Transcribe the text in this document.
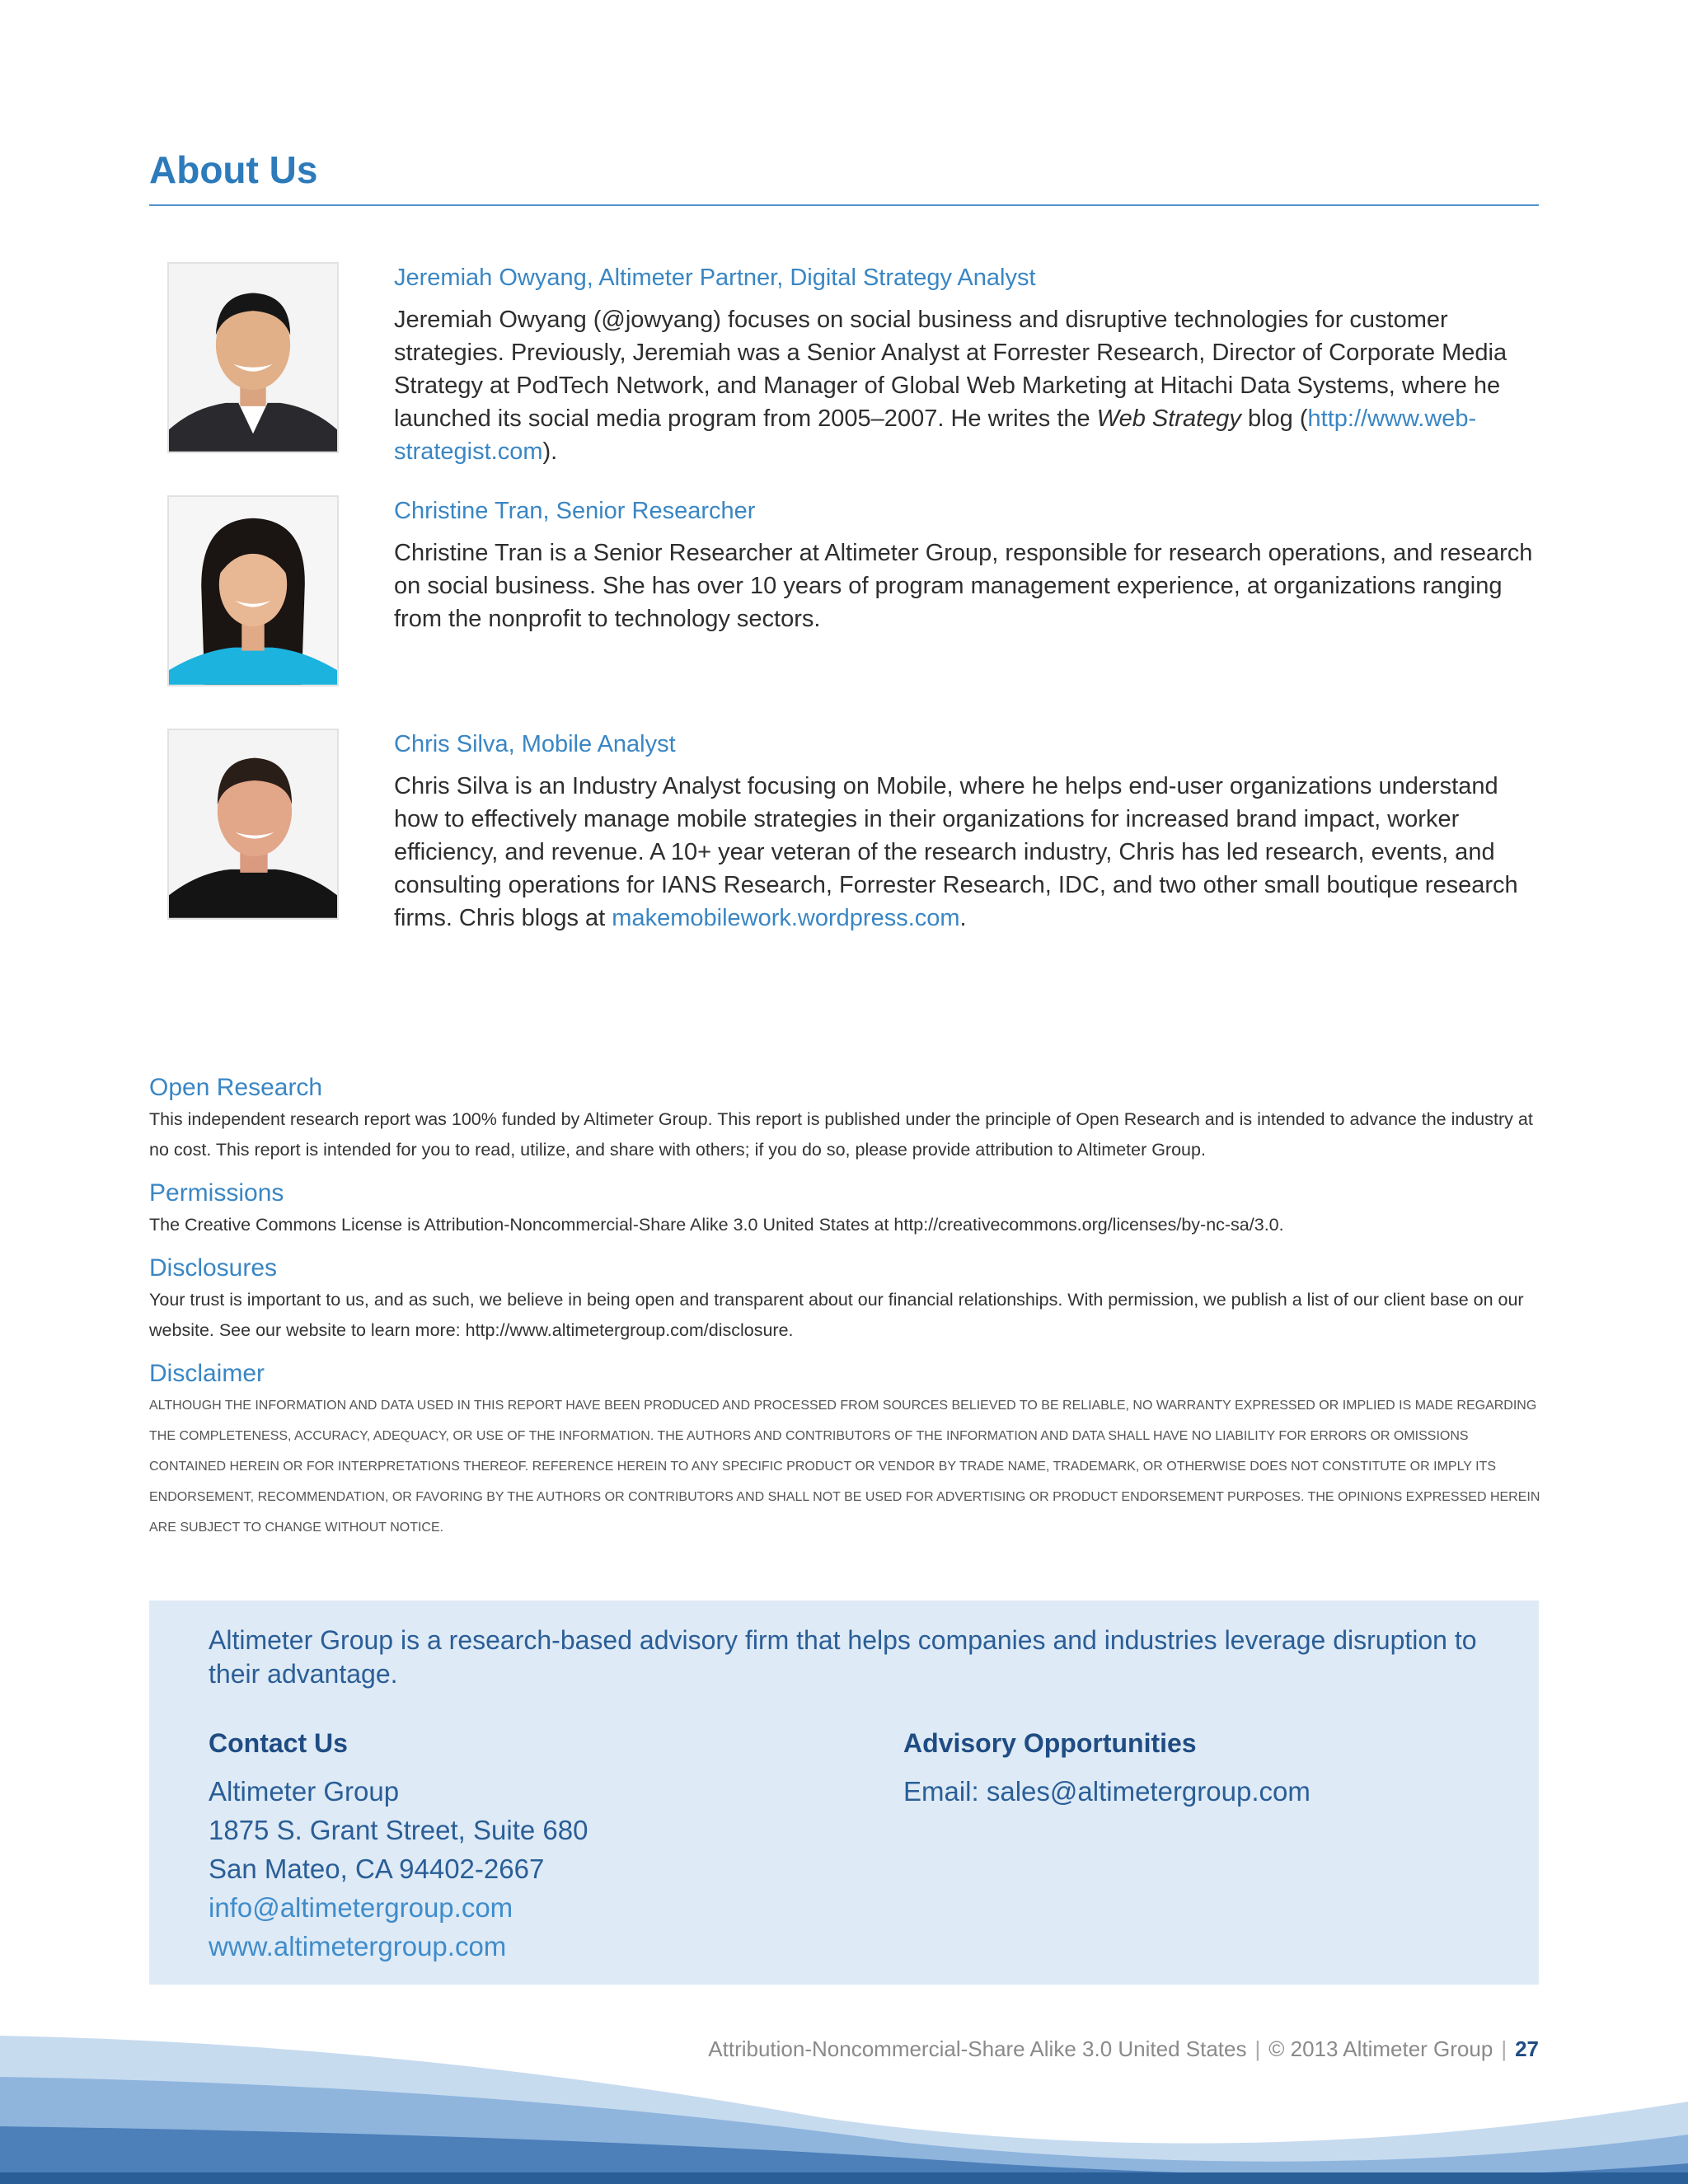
About Us

Jeremiah Owyang, Altimeter Partner, Digital Strategy Analyst

Jeremiah Owyang (@jowyang) focuses on social business and disruptive technologies for customer strategies. Previously, Jeremiah was a Senior Analyst at Forrester Research, Director of Corporate Media Strategy at PodTech Network, and Manager of Global Web Marketing at Hitachi Data Systems, where he launched its social media program from 2005–2007. He writes the Web Strategy blog (http://www.web-strategist.com).

Christine Tran, Senior Researcher

Christine Tran is a Senior Researcher at Altimeter Group, responsible for research operations, and research on social business. She has over 10 years of program management experience, at organizations ranging from the nonprofit to technology sectors.

Chris Silva, Mobile Analyst

Chris Silva is an Industry Analyst focusing on Mobile, where he helps end-user organizations understand how to effectively manage mobile strategies in their organizations for increased brand impact, worker efficiency, and revenue. A 10+ year veteran of the research industry, Chris has led research, events, and consulting operations for IANS Research, Forrester Research, IDC, and two other small boutique research firms. Chris blogs at makemobilework.wordpress.com.

Open Research

This independent research report was 100% funded by Altimeter Group. This report is published under the principle of Open Research and is intended to advance the industry at no cost. This report is intended for you to read, utilize, and share with others; if you do so, please provide attribution to Altimeter Group.

Permissions

The Creative Commons License is Attribution-Noncommercial-Share Alike 3.0 United States at http://creativecommons.org/licenses/by-nc-sa/3.0.

Disclosures

Your trust is important to us, and as such, we believe in being open and transparent about our financial relationships. With permission, we publish a list of our client base on our website. See our website to learn more: http://www.altimetergroup.com/disclosure.

Disclaimer

ALTHOUGH THE INFORMATION AND DATA USED IN THIS REPORT HAVE BEEN PRODUCED AND PROCESSED FROM SOURCES BELIEVED TO BE RELIABLE, NO WARRANTY EXPRESSED OR IMPLIED IS MADE REGARDING THE COMPLETENESS, ACCURACY, ADEQUACY, OR USE OF THE INFORMATION. THE AUTHORS AND CONTRIBUTORS OF THE INFORMATION AND DATA SHALL HAVE NO LIABILITY FOR ERRORS OR OMISSIONS CONTAINED HEREIN OR FOR INTERPRETATIONS THEREOF. REFERENCE HEREIN TO ANY SPECIFIC PRODUCT OR VENDOR BY TRADE NAME, TRADEMARK, OR OTHERWISE DOES NOT CONSTITUTE OR IMPLY ITS ENDORSEMENT, RECOMMENDATION, OR FAVORING BY THE AUTHORS OR CONTRIBUTORS AND SHALL NOT BE USED FOR ADVERTISING OR PRODUCT ENDORSEMENT PURPOSES. THE OPINIONS EXPRESSED HEREIN ARE SUBJECT TO CHANGE WITHOUT NOTICE.

Altimeter Group is a research-based advisory firm that helps companies and industries leverage disruption to their advantage.

Contact Us
Altimeter Group
1875 S. Grant Street, Suite 680
San Mateo, CA 94402-2667
info@altimetergroup.com
www.altimetergroup.com
Advisory Opportunities
Email: sales@altimetergroup.com
Attribution-Noncommercial-Share Alike 3.0 United States | © 2013 Altimeter Group | 27
